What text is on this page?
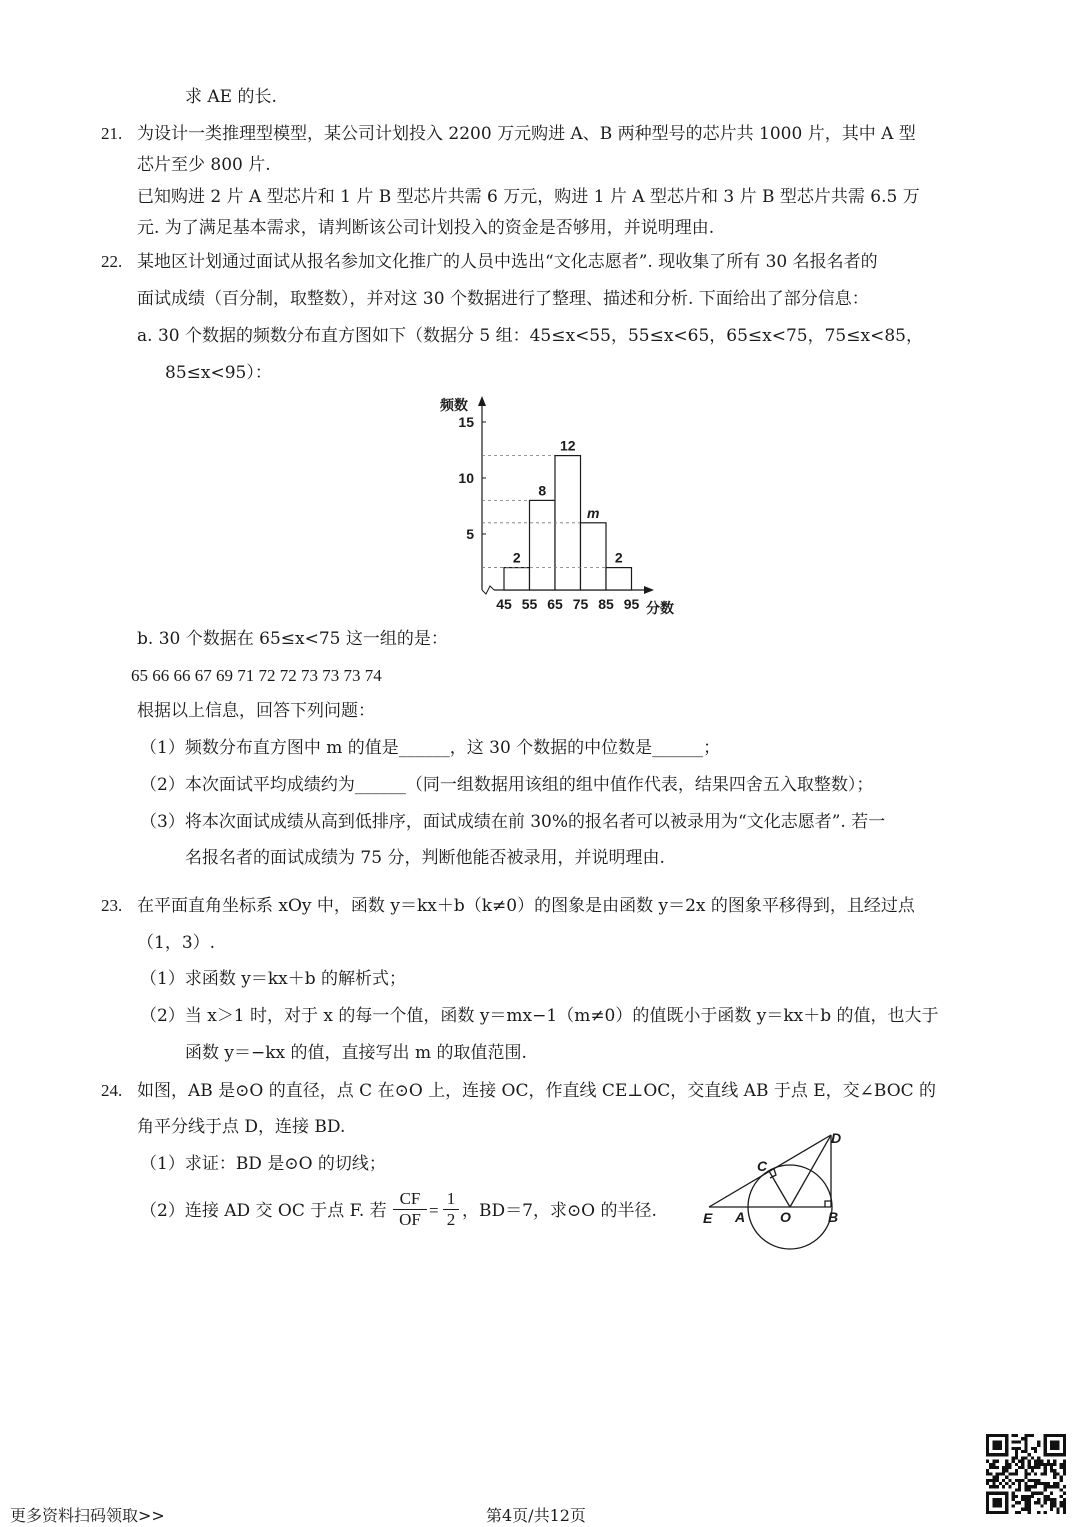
求 AE 的长.
21. 为设计一类推理型模型，某公司计划投入 2200 万元购进 A、B 两种型号的芯片共 1000 片，其中 A 型
芯片至少 800 片.
已知购进 2 片 A 型芯片和 1 片 B 型芯片共需 6 万元，购进 1 片 A 型芯片和 3 片 B 型芯片共需 6.5 万
元. 为了满足基本需求，请判断该公司计划投入的资金是否够用，并说明理由.
22. 某地区计划通过面试从报名参加文化推广的人员中选出“文化志愿者”. 现收集了所有 30 名报名者的
面试成绩（百分制，取整数），并对这 30 个数据进行了整理、描述和分析. 下面给出了部分信息：
a. 30 个数据的频数分布直方图如下（数据分 5 组：45≤x<55，55≤x<65，65≤x<75，75≤x<85，
85≤x<95）：
5
10
15
频数
分数
45 55 65 75 85 95
2
8
12
m
2
b. 30 个数据在 65≤x<75 这一组的是：
65 66 66 67 69 71 72 72 73 73 73 74
根据以上信息，回答下列问题：
（1）频数分布直方图中 m 的值是______，这 30 个数据的中位数是______；
（2）本次面试平均成绩约为______（同一组数据用该组的组中值作代表，结果四舍五入取整数）；
（3）将本次面试成绩从高到低排序，面试成绩在前 30%的报名者可以被录用为“文化志愿者”. 若一
名报名者的面试成绩为 75 分，判断他能否被录用，并说明理由.
23. 在平面直角坐标系 xOy 中，函数 y＝kx＋b（k≠0）的图象是由函数 y＝2x 的图象平移得到，且经过点
（1，3）.
（1）求函数 y＝kx＋b 的解析式；
（2）当 x＞1 时，对于 x 的每一个值，函数 y＝mx−1（m≠0）的值既小于函数 y＝kx＋b 的值，也大于
函数 y＝−kx 的值，直接写出 m 的取值范围.
24. 如图，AB 是⊙O 的直径，点 C 在⊙O 上，连接 OC，作直线 CE⊥OC，交直线 AB 于点 E，交∠BOC 的
角平分线于点 D，连接 BD.
（1）求证：BD 是⊙O 的切线；
（2）连接 AD 交 OC 于点 F. 若
CF
OF =
1
2 ，BD＝7，求⊙O 的半径.
D
C
E A O	B
更多资料扫码领取>>	第4页/共12页
